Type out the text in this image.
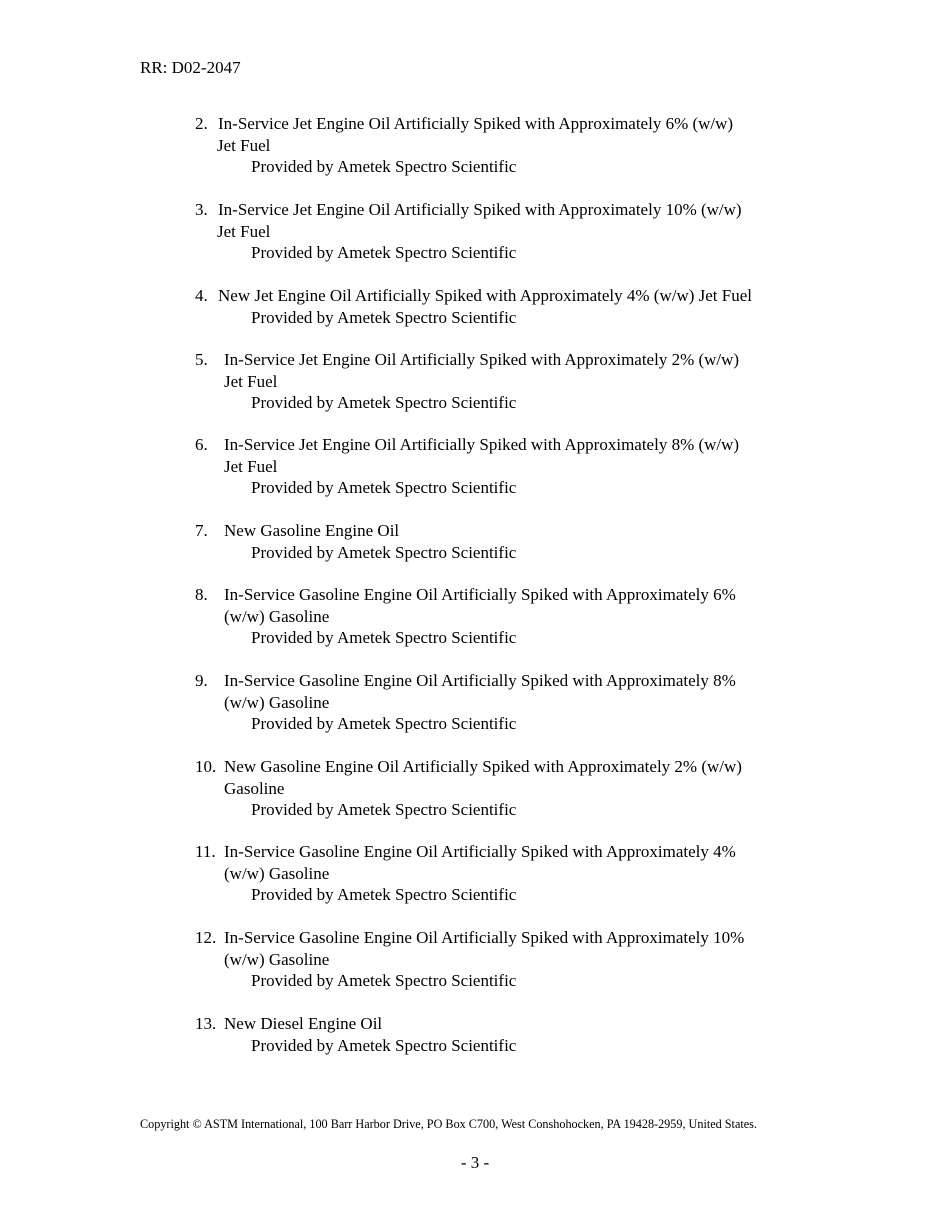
RR: D02-2047
2. In-Service Jet Engine Oil Artificially Spiked with Approximately 6% (w/w)
Jet Fuel
Provided by Ametek Spectro Scientific
3. In-Service Jet Engine Oil Artificially Spiked with Approximately 10% (w/w)
Jet Fuel
Provided by Ametek Spectro Scientific
4. New Jet Engine Oil Artificially Spiked with Approximately 4% (w/w) Jet Fuel
Provided by Ametek Spectro Scientific
5. In-Service Jet Engine Oil Artificially Spiked with Approximately 2% (w/w)
Jet Fuel
Provided by Ametek Spectro Scientific
6. In-Service Jet Engine Oil Artificially Spiked with Approximately 8% (w/w)
Jet Fuel
Provided by Ametek Spectro Scientific
7. New Gasoline Engine Oil
Provided by Ametek Spectro Scientific
8. In-Service Gasoline Engine Oil Artificially Spiked with Approximately 6%
(w/w) Gasoline
Provided by Ametek Spectro Scientific
9. In-Service Gasoline Engine Oil Artificially Spiked with Approximately 8%
(w/w) Gasoline
Provided by Ametek Spectro Scientific
10. New Gasoline Engine Oil Artificially Spiked with Approximately 2% (w/w)
Gasoline
Provided by Ametek Spectro Scientific
11. In-Service Gasoline Engine Oil Artificially Spiked with Approximately 4%
(w/w) Gasoline
Provided by Ametek Spectro Scientific
12. In-Service Gasoline Engine Oil Artificially Spiked with Approximately 10%
(w/w) Gasoline
Provided by Ametek Spectro Scientific
13. New Diesel Engine Oil
Provided by Ametek Spectro Scientific
Copyright © ASTM International, 100 Barr Harbor Drive, PO Box C700, West Conshohocken, PA 19428-2959, United States.
- 3 -
